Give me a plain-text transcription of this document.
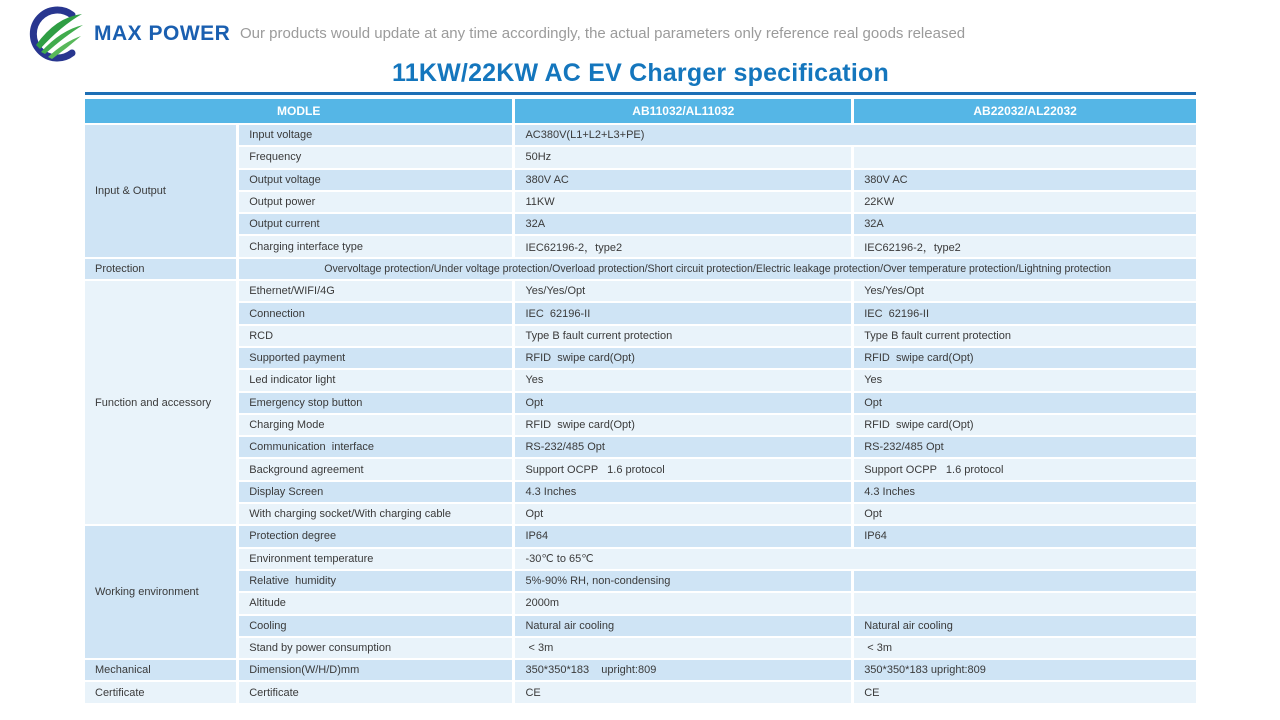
MAX POWER Our products would update at any time accordingly, the actual parameters only reference real goods released
11KW/22KW AC EV Charger specification
MODLE		AB11032/AL11032	AB22032/AL22032
Input & Output	Input voltage	AC380V(L1+L2+L3+PE)	
	Frequency	50Hz	
	Output voltage	380V AC	380V AC
	Output power	11KW	22KW
	Output current	32A	32A
	Charging interface type	IEC62196-2，type2	IEC62196-2，type2
Protection	Overvoltage protection/Under voltage protection/Overload protection/Short circuit protection/Electric leakage protection/Over temperature protection/Lightning protection		
Function and accessory	Ethernet/WIFI/4G	Yes/Yes/Opt	Yes/Yes/Opt
	Connection	IEC  62196-II	IEC  62196-II
	RCD	Type B fault current protection	Type B fault current protection
	Supported payment	RFID  swipe card(Opt)	RFID  swipe card(Opt)
	Led indicator light	Yes	Yes
	Emergency stop button	Opt	Opt
	Charging Mode	RFID  swipe card(Opt)	RFID  swipe card(Opt)
	Communication  interface	RS-232/485 Opt	RS-232/485 Opt
	Background agreement	Support OCPP   1.6 protocol	Support OCPP   1.6 protocol
	Display Screen	4.3 Inches	4.3 Inches
	With charging socket/With charging cable	Opt	Opt
Working environment	Protection degree	IP64	IP64
	Environment temperature	-30℃ to 65℃	
	Relative  humidity	5%-90% RH, non-condensing	
	Altitude	2000m	
	Cooling	Natural air cooling	Natural air cooling
	Stand by power consumption	< 3m	< 3m
Mechanical	Dimension(W/H/D)mm	350*350*183    upright:809	350*350*183 upright:809
Certificate	Certificate	CE	CE
